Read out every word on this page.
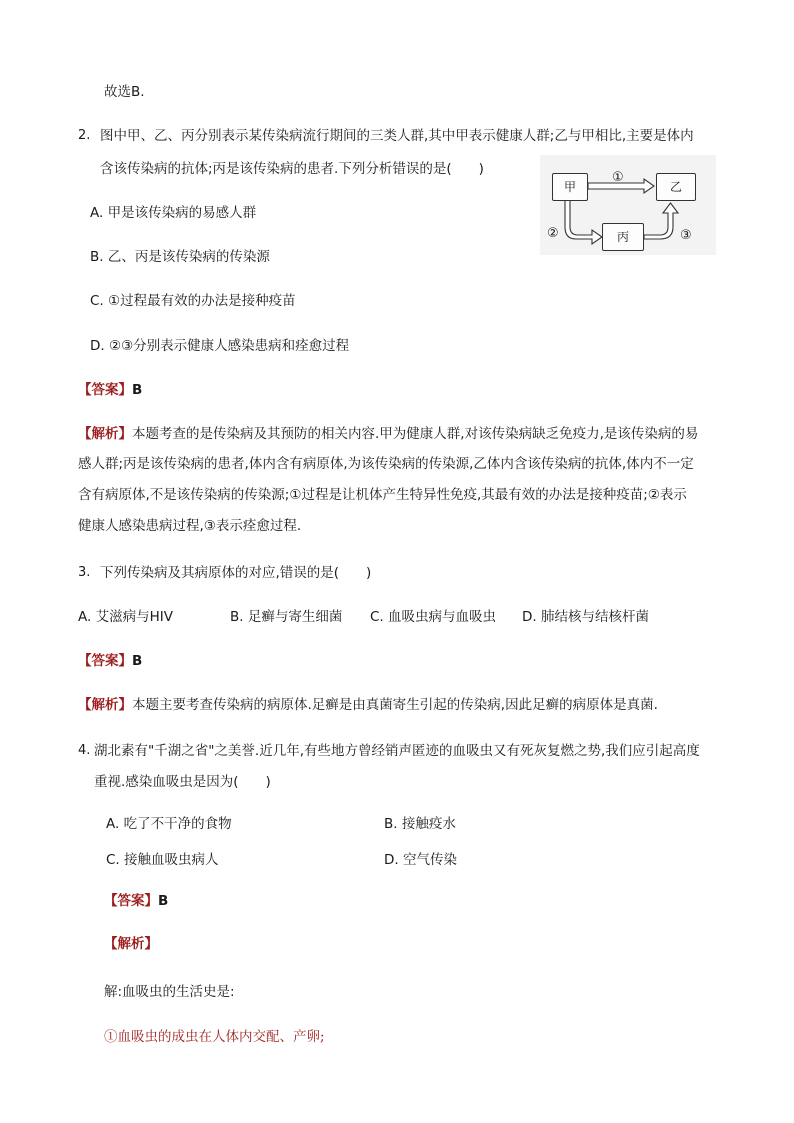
故选B.
2. 图中甲、乙、丙分别表示某传染病流行期间的三类人群,其中甲表示健康人群;乙与甲相比,主要是体内
含该传染病的抗体;丙是该传染病的患者.下列分析错误的是(　　)
A. 甲是该传染病的易感人群
B. 乙、丙是该传染病的传染源
C. ①过程最有效的办法是接种疫苗
D. ②③分别表示健康人感染患病和痊愈过程
甲	乙
丙
①
②	③
【答案】B
【解析】本题考查的是传染病及其预防的相关内容.甲为健康人群,对该传染病缺乏免疫力,是该传染病的易
感人群;丙是该传染病的患者,体内含有病原体,为该传染病的传染源,乙体内含该传染病的抗体,体内不一定
含有病原体,不是该传染病的传染源;①过程是让机体产生特异性免疫,其最有效的办法是接种疫苗;②表示
健康人感染患病过程,③表示痊愈过程.
3. 下列传染病及其病原体的对应,错误的是(　　)
A. 艾滋病与HIV	B. 足癣与寄生细菌 C. 血吸虫病与血吸虫 D. 肺结核与结核杆菌
【答案】B
【解析】本题主要考查传染病的病原体.足癣是由真菌寄生引起的传染病,因此足癣的病原体是真菌.
4. 湖北素有"千湖之省"之美誉.近几年,有些地方曾经销声匿迹的血吸虫又有死灰复燃之势,我们应引起高度
重视.感染血吸虫是因为(　　)
A. 吃了不干净的食物	B. 接触疫水
C. 接触血吸虫病人	D. 空气传染
【答案】B
【解析】
解:血吸虫的生活史是:
①血吸虫的成虫在人体内交配、产卵;
